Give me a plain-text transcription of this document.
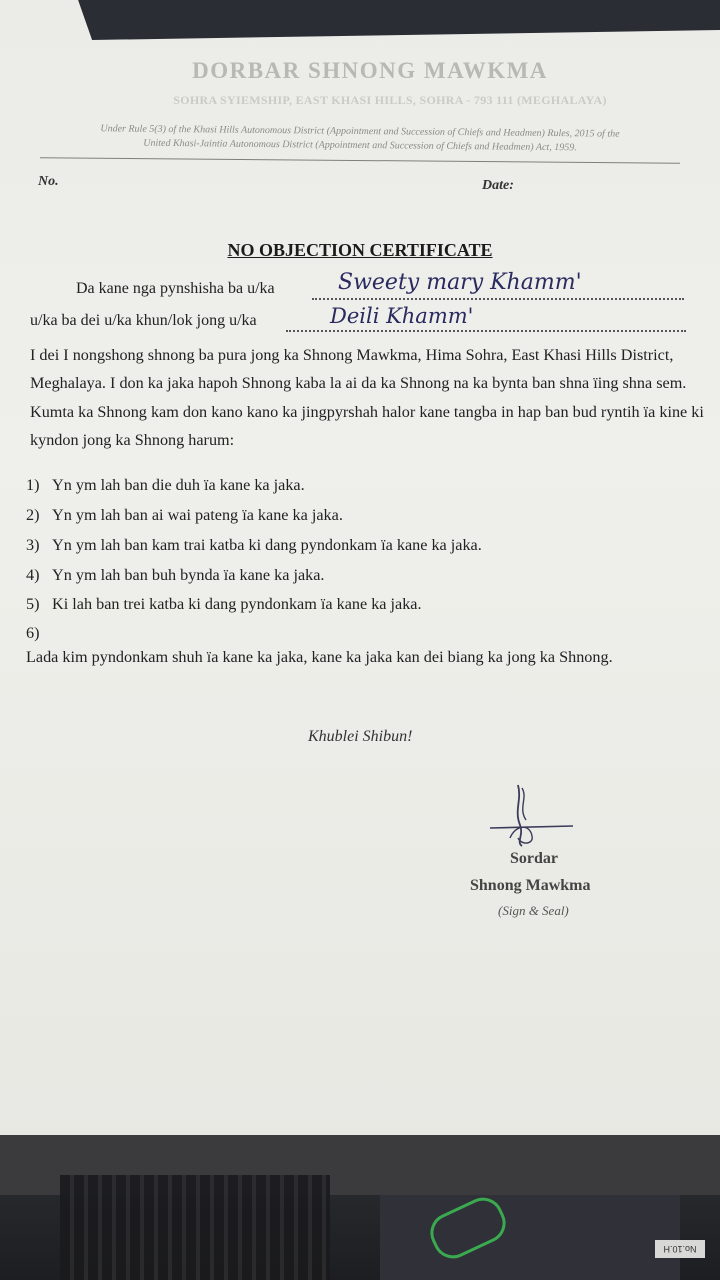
No.10.H
DORBAR SHNONG MAWKMA
SOHRA SYIEMSHIP, EAST KHASI HILLS, SOHRA - 793 111 (MEGHALAYA)
Under Rule 5(3) of the Khasi Hills Autonomous District (Appointment and Succession of Chiefs and Headmen) Rules, 2015 of the
United Khasi-Jaintia Autonomous District (Appointment and Succession of Chiefs and Headmen) Act, 1959.
No.	Date:
NO OBJECTION CERTIFICATE
Da kane nga pynshisha ba u/ka	Sweety mary Khamm'
u/ka ba dei u/ka khun/lok jong u/ka	Deili Khamm'
I dei I nongshong shnong ba pura jong ka Shnong Mawkma, Hima Sohra, East Khasi Hills District, Meghalaya. I don ka jaka hapoh Shnong kaba la ai da ka Shnong na ka bynta ban shna ïing shna sem. Kumta ka Shnong kam don kano kano ka jingpyrshah halor kane tangba in hap ban bud ryntih ïa kine ki kyndon jong ka Shnong harum:
1) Yn ym lah ban die duh ïa kane ka jaka.
2) Yn ym lah ban ai wai pateng ïa kane ka jaka.
3) Yn ym lah ban kam trai katba ki dang pyndonkam ïa kane ka jaka.
4) Yn ym lah ban buh bynda ïa kane ka jaka.
5) Ki lah ban trei katba ki dang pyndonkam ïa kane ka jaka.
6) Lada kim pyndonkam shuh ïa kane ka jaka, kane ka jaka kan dei biang ka jong ka Shnong.
Khublei Shibun!
Sordar
Shnong Mawkma
(Sign & Seal)
